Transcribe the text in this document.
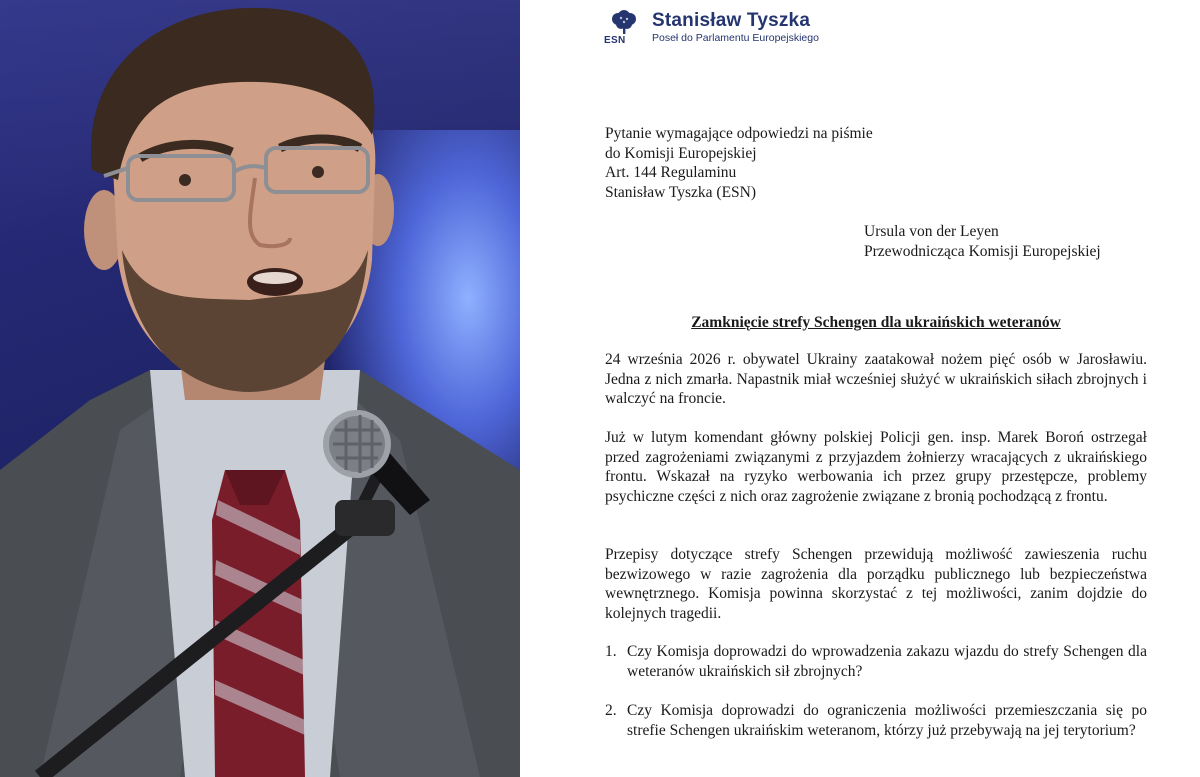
ESN
Stanisław Tyszka
Poseł do Parlamentu Europejskiego
Pytanie wymagające odpowiedzi na piśmie
do Komisji Europejskiej
Art. 144 Regulaminu
Stanisław Tyszka (ESN)
Ursula von der Leyen
Przewodnicząca Komisji Europejskiej
Zamknięcie strefy Schengen dla ukraińskich weteranów
24 września 2026 r. obywatel Ukrainy zaatakował nożem pięć osób w Jarosławiu. Jedna z nich zmarła. Napastnik miał wcześniej służyć w ukraińskich siłach zbrojnych i walczyć na froncie.
Już w lutym komendant główny polskiej Policji gen. insp. Marek Boroń ostrzegał przed zagrożeniami związanymi z przyjazdem żołnierzy wracających z ukraińskiego frontu. Wskazał na ryzyko werbowania ich przez grupy przestępcze, problemy psychiczne części z nich oraz zagrożenie związane z bronią pochodzącą z frontu.
Przepisy dotyczące strefy Schengen przewidują możliwość zawieszenia ruchu bezwizowego w razie zagrożenia dla porządku publicznego lub bezpieczeństwa wewnętrznego. Komisja powinna skorzystać z tej możliwości, zanim dojdzie do kolejnych tragedii.
1. Czy Komisja doprowadzi do wprowadzenia zakazu wjazdu do strefy Schengen dla weteranów ukraińskich sił zbrojnych?
2. Czy Komisja doprowadzi do ograniczenia możliwości przemieszczania się po strefie Schengen ukraińskim weteranom, którzy już przebywają na jej terytorium?
